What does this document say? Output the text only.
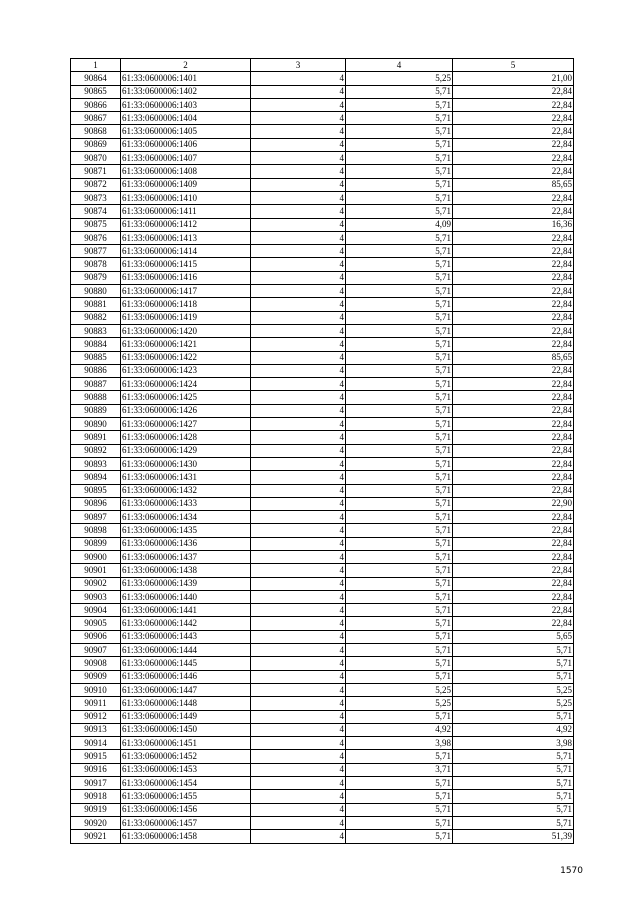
1	2	3	4	5
90864	61:33:0600006:1401	4	5,25	21,00
90865	61:33:0600006:1402	4	5,71	22,84
90866	61:33:0600006:1403	4	5,71	22,84
90867	61:33:0600006:1404	4	5,71	22,84
90868	61:33:0600006:1405	4	5,71	22,84
90869	61:33:0600006:1406	4	5,71	22,84
90870	61:33:0600006:1407	4	5,71	22,84
90871	61:33:0600006:1408	4	5,71	22,84
90872	61:33:0600006:1409	4	5,71	85,65
90873	61:33:0600006:1410	4	5,71	22,84
90874	61:33:0600006:1411	4	5,71	22,84
90875	61:33:0600006:1412	4	4,09	16,36
90876	61:33:0600006:1413	4	5,71	22,84
90877	61:33:0600006:1414	4	5,71	22,84
90878	61:33:0600006:1415	4	5,71	22,84
90879	61:33:0600006:1416	4	5,71	22,84
90880	61:33:0600006:1417	4	5,71	22,84
90881	61:33:0600006:1418	4	5,71	22,84
90882	61:33:0600006:1419	4	5,71	22,84
90883	61:33:0600006:1420	4	5,71	22,84
90884	61:33:0600006:1421	4	5,71	22,84
90885	61:33:0600006:1422	4	5,71	85,65
90886	61:33:0600006:1423	4	5,71	22,84
90887	61:33:0600006:1424	4	5,71	22,84
90888	61:33:0600006:1425	4	5,71	22,84
90889	61:33:0600006:1426	4	5,71	22,84
90890	61:33:0600006:1427	4	5,71	22,84
90891	61:33:0600006:1428	4	5,71	22,84
90892	61:33:0600006:1429	4	5,71	22,84
90893	61:33:0600006:1430	4	5,71	22,84
90894	61:33:0600006:1431	4	5,71	22,84
90895	61:33:0600006:1432	4	5,71	22,84
90896	61:33:0600006:1433	4	5,71	22,90
90897	61:33:0600006:1434	4	5,71	22,84
90898	61:33:0600006:1435	4	5,71	22,84
90899	61:33:0600006:1436	4	5,71	22,84
90900	61:33:0600006:1437	4	5,71	22,84
90901	61:33:0600006:1438	4	5,71	22,84
90902	61:33:0600006:1439	4	5,71	22,84
90903	61:33:0600006:1440	4	5,71	22,84
90904	61:33:0600006:1441	4	5,71	22,84
90905	61:33:0600006:1442	4	5,71	22,84
90906	61:33:0600006:1443	4	5,71	5,65
90907	61:33:0600006:1444	4	5,71	5,71
90908	61:33:0600006:1445	4	5,71	5,71
90909	61:33:0600006:1446	4	5,71	5,71
90910	61:33:0600006:1447	4	5,25	5,25
90911	61:33:0600006:1448	4	5,25	5,25
90912	61:33:0600006:1449	4	5,71	5,71
90913	61:33:0600006:1450	4	4,92	4,92
90914	61:33:0600006:1451	4	3,98	3,98
90915	61:33:0600006:1452	4	5,71	5,71
90916	61:33:0600006:1453	4	3,71	5,71
90917	61:33:0600006:1454	4	5,71	5,71
90918	61:33:0600006:1455	4	5,71	5,71
90919	61:33:0600006:1456	4	5,71	5,71
90920	61:33:0600006:1457	4	5,71	5,71
90921	61:33:0600006:1458	4	5,71	51,39
1570
